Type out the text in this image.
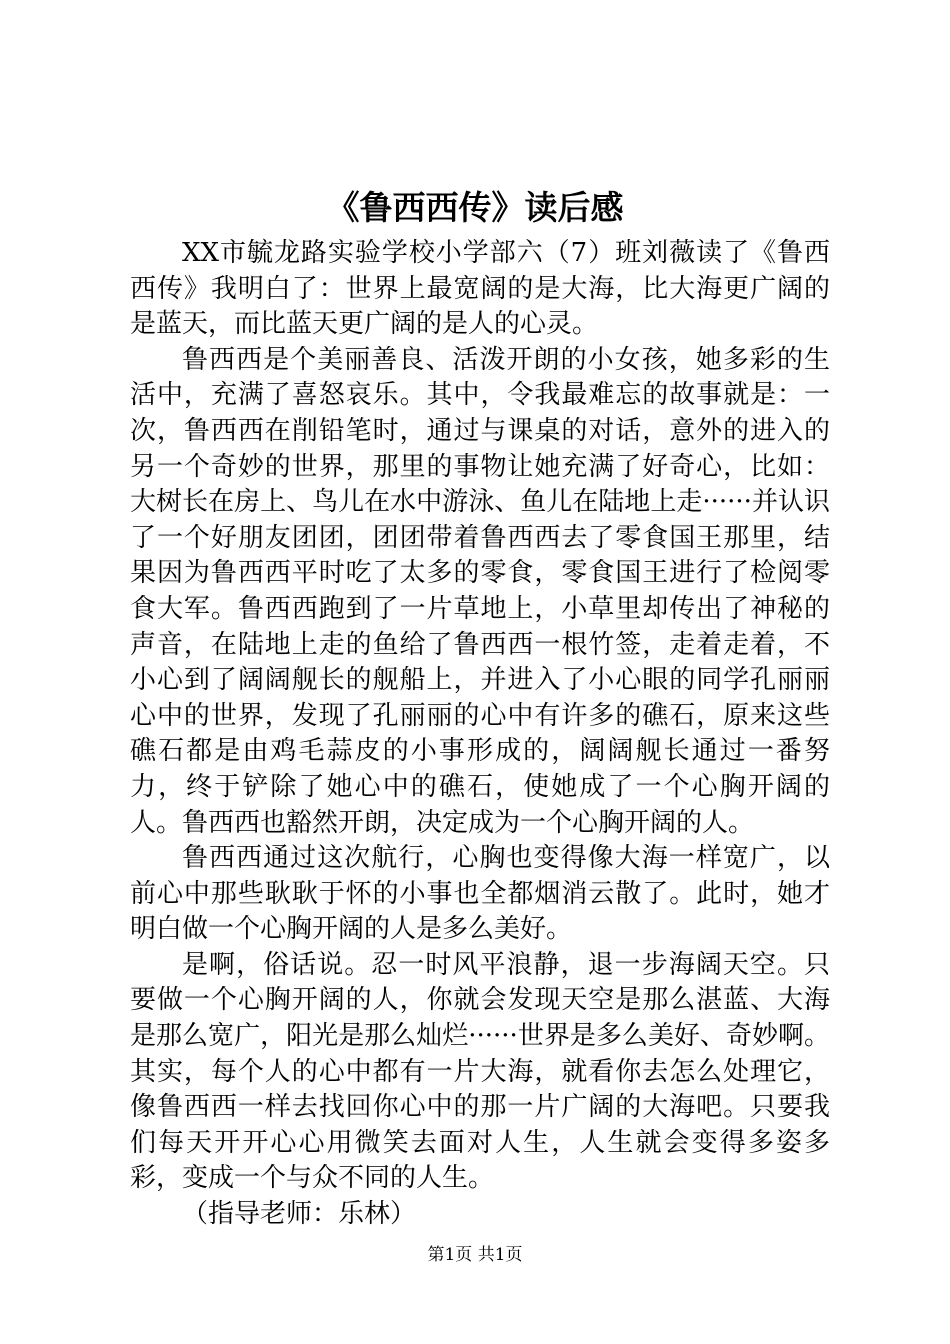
《鲁西西传》读后感

XX市毓龙路实验学校小学部六（7）班刘薇读了《鲁西西传》我明白了：世界上最宽阔的是大海，比大海更广阔的是蓝天，而比蓝天更广阔的是人的心灵。

鲁西西是个美丽善良、活泼开朗的小女孩，她多彩的生活中，充满了喜怒哀乐。其中，令我最难忘的故事就是：一次，鲁西西在削铅笔时，通过与课桌的对话，意外的进入的另一个奇妙的世界，那里的事物让她充满了好奇心，比如：大树长在房上、鸟儿在水中游泳、鱼儿在陆地上走······并认识了一个好朋友团团，团团带着鲁西西去了零食国王那里，结果因为鲁西西平时吃了太多的零食，零食国王进行了检阅零食大军。鲁西西跑到了一片草地上，小草里却传出了神秘的声音，在陆地上走的鱼给了鲁西西一根竹签，走着走着，不小心到了阔阔舰长的舰船上，并进入了小心眼的同学孔丽丽心中的世界，发现了孔丽丽的心中有许多的礁石，原来这些礁石都是由鸡毛蒜皮的小事形成的，阔阔舰长通过一番努力，终于铲除了她心中的礁石，使她成了一个心胸开阔的人。鲁西西也豁然开朗，决定成为一个心胸开阔的人。

鲁西西通过这次航行，心胸也变得像大海一样宽广，以前心中那些耿耿于怀的小事也全都烟消云散了。此时，她才明白做一个心胸开阔的人是多么美好。

是啊，俗话说。忍一时风平浪静，退一步海阔天空。只要做一个心胸开阔的人，你就会发现天空是那么湛蓝、大海是那么宽广，阳光是那么灿烂······世界是多么美好、奇妙啊。其实，每个人的心中都有一片大海，就看你去怎么处理它，像鲁西西一样去找回你心中的那一片广阔的大海吧。只要我们每天开开心心用微笑去面对人生，人生就会变得多姿多彩，变成一个与众不同的人生。

（指导老师：乐林）

第1页 共1页
